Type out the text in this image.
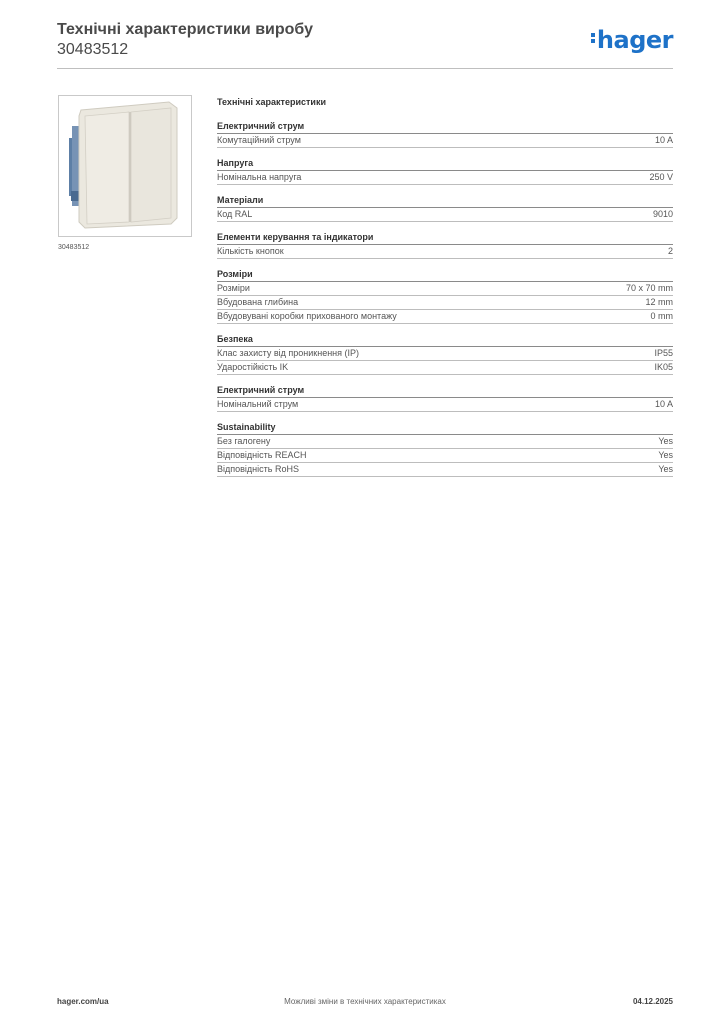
Технічні характеристики виробу
30483512	hager
30483512
Технічні характеристики
Електричний струм
Комутаційний струм	10 A
Напруга
Номінальна напруга	250 V
Матеріали
Код RAL	9010
Елементи керування та індикатори
Кількість кнопок	2
Розміри
Розміри	70 x 70 mm
Вбудована глибина	12 mm
Вбудовувані коробки прихованого монтажу	0 mm
Безпека
Клас захисту від проникнення (IP)	IP55
Ударостійкість IK	IK05
Електричний струм
Номінальний струм	10 A
Sustainability
Без галогену	Yes
Відповідність REACH	Yes
Відповідність RoHS	Yes
hager.com/ua	Можливі зміни в технічних характеристиках	04.12.2025
